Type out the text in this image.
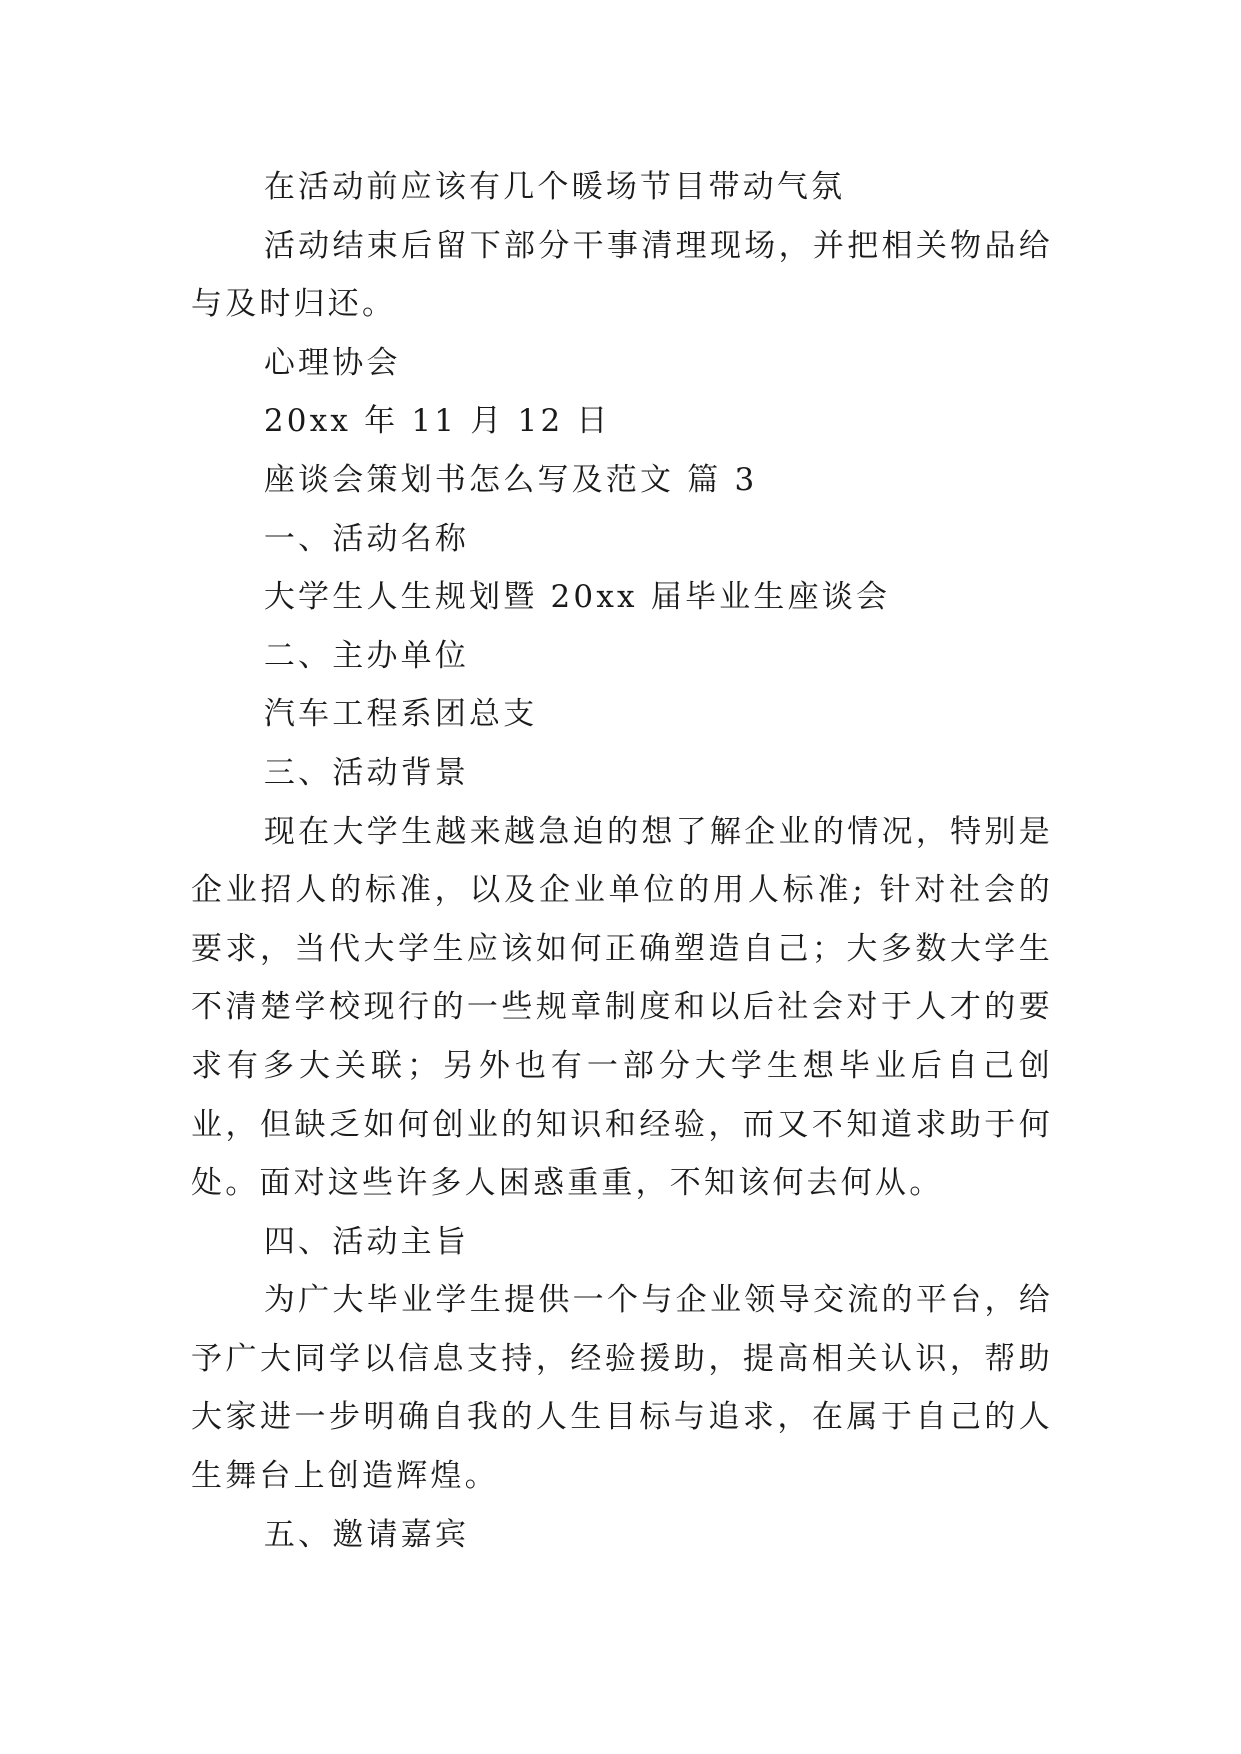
在活动前应该有几个暖场节目带动气氛

活动结束后留下部分干事清理现场，并把相关物品给与及时归还。

心理协会

20xx 年 11 月 12 日

座谈会策划书怎么写及范文 篇 3

一、活动名称

大学生人生规划暨 20xx 届毕业生座谈会

二、主办单位

汽车工程系团总支

三、活动背景

现在大学生越来越急迫的想了解企业的情况，特别是企业招人的标准，以及企业单位的用人标准; 针对社会的要求，当代大学生应该如何正确塑造自己；大多数大学生不清楚学校现行的一些规章制度和以后社会对于人才的要求有多大关联；另外也有一部分大学生想毕业后自己创业，但缺乏如何创业的知识和经验，而又不知道求助于何处。面对这些许多人困惑重重，不知该何去何从。

四、活动主旨

为广大毕业学生提供一个与企业领导交流的平台，给予广大同学以信息支持，经验援助，提高相关认识，帮助大家进一步明确自我的人生目标与追求，在属于自己的人生舞台上创造辉煌。

五、邀请嘉宾
